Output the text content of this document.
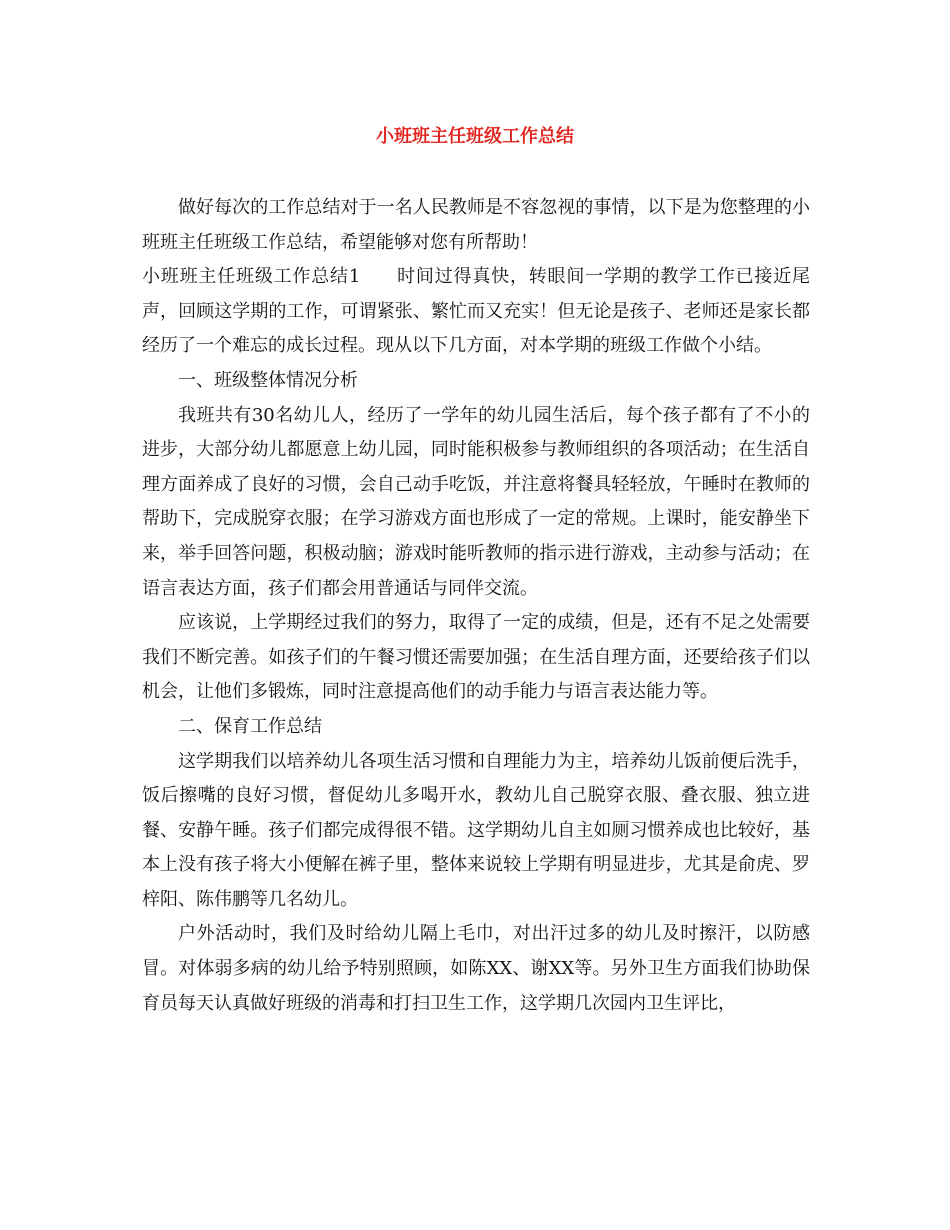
小班班主任班级工作总结

做好每次的工作总结对于一名人民教师是不容忽视的事情，以下是为您整理的小班班主任班级工作总结，希望能够对您有所帮助！

小班班主任班级工作总结1 时间过得真快，转眼间一学期的教学工作已接近尾声，回顾这学期的工作，可谓紧张、繁忙而又充实！但无论是孩子、老师还是家长都经历了一个难忘的成长过程。现从以下几方面，对本学期的班级工作做个小结。

一、班级整体情况分析

我班共有30名幼儿人，经历了一学年的幼儿园生活后，每个孩子都有了不小的进步，大部分幼儿都愿意上幼儿园，同时能积极参与教师组织的各项活动；在生活自理方面养成了良好的习惯，会自己动手吃饭，并注意将餐具轻轻放，午睡时在教师的帮助下，完成脱穿衣服；在学习游戏方面也形成了一定的常规。上课时，能安静坐下来，举手回答问题，积极动脑；游戏时能听教师的指示进行游戏，主动参与活动；在语言表达方面，孩子们都会用普通话与同伴交流。

应该说，上学期经过我们的努力，取得了一定的成绩，但是，还有不足之处需要我们不断完善。如孩子们的午餐习惯还需要加强；在生活自理方面，还要给孩子们以机会，让他们多锻炼，同时注意提高他们的动手能力与语言表达能力等。

二、保育工作总结

这学期我们以培养幼儿各项生活习惯和自理能力为主，培养幼儿饭前便后洗手，饭后擦嘴的良好习惯，督促幼儿多喝开水，教幼儿自己脱穿衣服、叠衣服、独立进餐、安静午睡。孩子们都完成得很不错。这学期幼儿自主如厕习惯养成也比较好，基本上没有孩子将大小便解在裤子里，整体来说较上学期有明显进步，尤其是俞虎、罗梓阳、陈伟鹏等几名幼儿。

户外活动时，我们及时给幼儿隔上毛巾，对出汗过多的幼儿及时擦汗，以防感冒。对体弱多病的幼儿给予特别照顾，如陈XX、谢XX等。另外卫生方面我们协助保育员每天认真做好班级的消毒和打扫卫生工作，这学期几次园内卫生评比，
